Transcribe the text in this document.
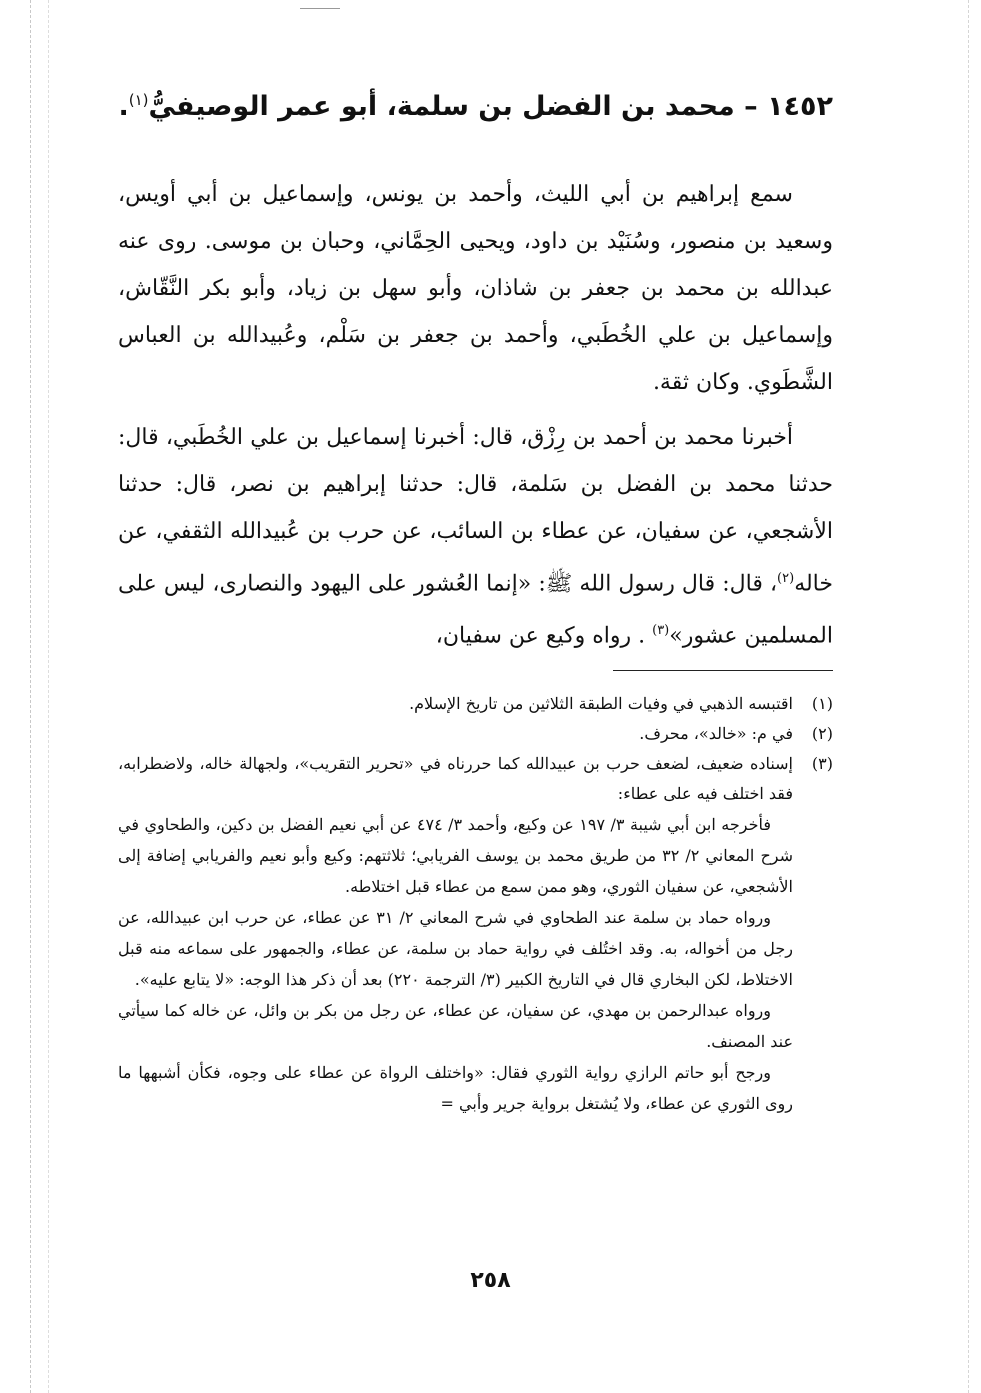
١٤٥٢ – محمد بن الفضل بن سلمة، أبو عمر الوصيفيُّ$^{(١)}$.

سمع إبراهيم بن أبي الليث، وأحمد بن يونس، وإسماعيل بن أبي أويس، وسعيد بن منصور، وسُنَيْد بن داود، ويحيى الحِمَّاني، وحبان بن موسى. روى عنه عبدالله بن محمد بن جعفر بن شاذان، وأبو سهل بن زياد، وأبو بكر النَّقّاش، وإسماعيل بن علي الخُطَبي، وأحمد بن جعفر بن سَلْم، وعُبيدالله بن العباس الشَّطَوي. وكان ثقة.

أخبرنا محمد بن أحمد بن رِزْق، قال: أخبرنا إسماعيل بن علي الخُطَبي، قال: حدثنا محمد بن الفضل بن سَلمة، قال: حدثنا إبراهيم بن نصر، قال: حدثنا الأشجعي، عن سفيان، عن عطاء بن السائب، عن حرب بن عُبيدالله الثقفي، عن خاله$^{(٢)}$، قال: قال رسول الله ﷺ: «إنما العُشور على اليهود والنصارى، ليس على المسلمين عشور»$^{(٣)}$ . رواه وكيع عن سفيان،

(١)
اقتبسه الذهبي في وفيات الطبقة الثلاثين من تاريخ الإسلام.
(٢)
في م: «خالد»، محرف.
(٣)
إسناده ضعيف، لضعف حرب بن عبيدالله كما حررناه في «تحرير التقريب»، ولجهالة خاله، ولاضطرابه، فقد اختلف فيه على عطاء:

فأخرجه ابن أبي شيبة ٣/ ١٩٧ عن وكيع، وأحمد ٣/ ٤٧٤ عن أبي نعيم الفضل بن دكين، والطحاوي في شرح المعاني ٢/ ٣٢ من طريق محمد بن يوسف الفريابي؛ ثلاثتهم: وكيع وأبو نعيم والفريابي إضافة إلى الأشجعي، عن سفيان الثوري، وهو ممن سمع من عطاء قبل اختلاطه.

ورواه حماد بن سلمة عند الطحاوي في شرح المعاني ٢/ ٣١ عن عطاء، عن حرب ابن عبيدالله، عن رجل من أخواله، به. وقد اختُلف في رواية حماد بن سلمة، عن عطاء، والجمهور على سماعه منه قبل الاختلاط، لكن البخاري قال في التاريخ الكبير (٣/ الترجمة ٢٢٠) بعد أن ذكر هذا الوجه: «لا يتابع عليه».

ورواه عبدالرحمن بن مهدي، عن سفيان، عن عطاء، عن رجل من بكر بن وائل، عن خاله كما سيأتي عند المصنف.

ورجح أبو حاتم الرازي رواية الثوري فقال: «واختلف الرواة عن عطاء على وجوه، فكأن أشبهها ما روى الثوري عن عطاء، ولا يُشتغل برواية جرير وأبي =

٢٥٨
